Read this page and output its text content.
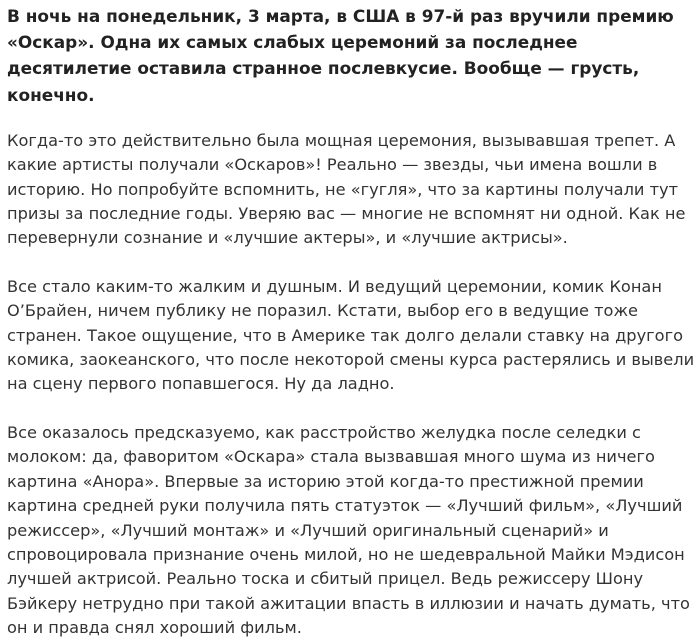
В ночь на понедельник, 3 марта, в США в 97-й раз вручили премию «Оскар». Одна их самых слабых церемоний за последнее десятилетие оставила странное послевкусие. Вообще — грусть, конечно.

Когда-то это действительно была мощная церемония, вызывавшая трепет. А какие артисты получали «Оскаров»! Реально — звезды, чьи имена вошли в историю. Но попробуйте вспомнить, не «гугля», что за картины получали тут призы за последние годы. Уверяю вас — многие не вспомнят ни одной. Как не перевернули сознание и «лучшие актеры», и «лучшие актрисы».

Все стало каким-то жалким и душным. И ведущий церемонии, комик Конан О’Брайен, ничем публику не поразил. Кстати, выбор его в ведущие тоже странен. Такое ощущение, что в Америке так долго делали ставку на другого комика, заокеанского, что после некоторой смены курса растерялись и вывели на сцену первого попавшегося. Ну да ладно.

Все оказалось предсказуемо, как расстройство желудка после селедки с молоком: да, фаворитом «Оскара» стала вызвавшая много шума из ничего картина «Анора». Впервые за историю этой когда-то престижной премии картина средней руки получила пять статуэток — «Лучший фильм», «Лучший режиссер», «Лучший монтаж» и «Лучший оригинальный сценарий» и спровоцировала признание очень милой, но не шедевральной Майки Мэдисон лучшей актрисой. Реально тоска и сбитый прицел. Ведь режиссеру Шону Бэйкеру нетрудно при такой ажитации впасть в иллюзии и начать думать, что он и правда снял хороший фильм.
